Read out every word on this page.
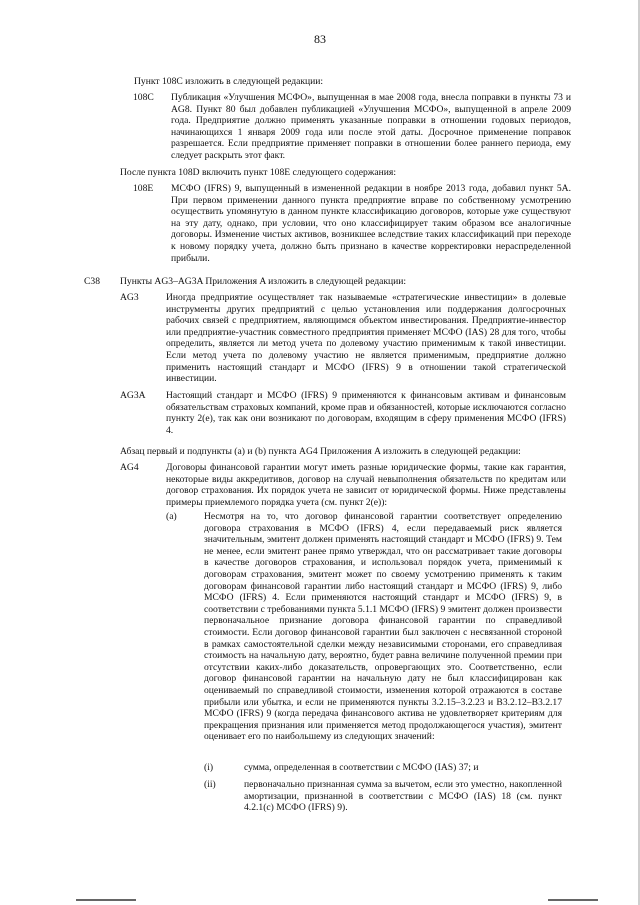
83

Пункт 108C изложить в следующей редакции:

108C Публикация «Улучшения МСФО», выпущенная в мае 2008 года, внесла поправки в пункты 73 и AG8. Пункт 80 был добавлен публикацией «Улучшения МСФО», выпущенной в апреле 2009 года. Предприятие должно применять указанные поправки в отношении годовых периодов, начинающихся 1 января 2009 года или после этой даты. Досрочное применение поправок разрешается. Если предприятие применяет поправки в отношении более раннего периода, ему следует раскрыть этот факт.

После пункта 108D включить пункт 108E следующего содержания:

108E МСФО (IFRS) 9, выпущенный в измененной редакции в ноябре 2013 года, добавил пункт 5A. При первом применении данного пункта предприятие вправе по собственному усмотрению осуществить упомянутую в данном пункте классификацию договоров, которые уже существуют на эту дату, однако, при условии, что оно классифицирует таким образом все аналогичные договоры. Изменение чистых активов, возникшее вследствие таких классификаций при переходе к новому порядку учета, должно быть признано в качестве корректировки нераспределенной прибыли.

C38 Пункты AG3–AG3A Приложения A изложить в следующей редакции:

AG3	Иногда предприятие осуществляет так называемые «стратегические инвестиции» в долевые инструменты других предприятий с целью установления или поддержания долгосрочных рабочих связей с предприятием, являющимся объектом инвестирования. Предприятие-инвестор или предприятие-участник совместного предприятия применяет МСФО (IAS) 28 для того, чтобы определить, является ли метод учета по долевому участию применимым к такой инвестиции. Если метод учета по долевому участию не является применимым, предприятие должно применить настоящий стандарт и МСФО (IFRS) 9 в отношении такой стратегической инвестиции.

AG3A Настоящий стандарт и МСФО (IFRS) 9 применяются к финансовым активам и финансовым обязательствам страховых компаний, кроме прав и обязанностей, которые исключаются согласно пункту 2(e), так как они возникают по договорам, входящим в сферу применения МСФО (IFRS) 4.

Абзац первый и подпункты (a) и (b) пункта AG4 Приложения A изложить в следующей редакции:

AG4	Договоры финансовой гарантии могут иметь разные юридические формы, такие как гарантия, некоторые виды аккредитивов, договор на случай невыполнения обязательств по кредитам или договор страхования. Их порядок учета не зависит от юридической формы. Ниже представлены примеры приемлемого порядка учета (см. пункт 2(e)):

(a)	Несмотря на то, что договор финансовой гарантии соответствует определению договора страхования в МСФО (IFRS) 4, если передаваемый риск является значительным, эмитент должен применять настоящий стандарт и МСФО (IFRS) 9. Тем не менее, если эмитент ранее прямо утверждал, что он рассматривает такие договоры в качестве договоров страхования, и использовал порядок учета, применимый к договорам страхования, эмитент может по своему усмотрению применять к таким договорам финансовой гарантии либо настоящий стандарт и МСФО (IFRS) 9, либо МСФО (IFRS) 4. Если применяются настоящий стандарт и МСФО (IFRS) 9, в соответствии с требованиями пункта 5.1.1 МСФО (IFRS) 9 эмитент должен произвести первоначальное признание договора финансовой гарантии по справедливой стоимости. Если договор финансовой гарантии был заключен с несвязанной стороной в рамках самостоятельной сделки между независимыми сторонами, его справедливая стоимость на начальную дату, вероятно, будет равна величине полученной премии при отсутствии каких-либо доказательств, опровергающих это. Соответственно, если договор финансовой гарантии на начальную дату не был классифицирован как оцениваемый по справедливой стоимости, изменения которой отражаются в составе прибыли или убытка, и если не применяются пункты 3.2.15–3.2.23 и B3.2.12–B3.2.17 МСФО (IFRS) 9 (когда передача финансового актива не удовлетворяет критериям для прекращения признания или применяется метод продолжающегося участия), эмитент оценивает его по наибольшему из следующих значений:

(i)	сумма, определенная в соответствии с МСФО (IAS) 37; и

(ii)	первоначально признанная сумма за вычетом, если это уместно, накопленной амортизации, признанной в соответствии с МСФО (IAS) 18 (см. пункт 4.2.1(c) МСФО (IFRS) 9).
